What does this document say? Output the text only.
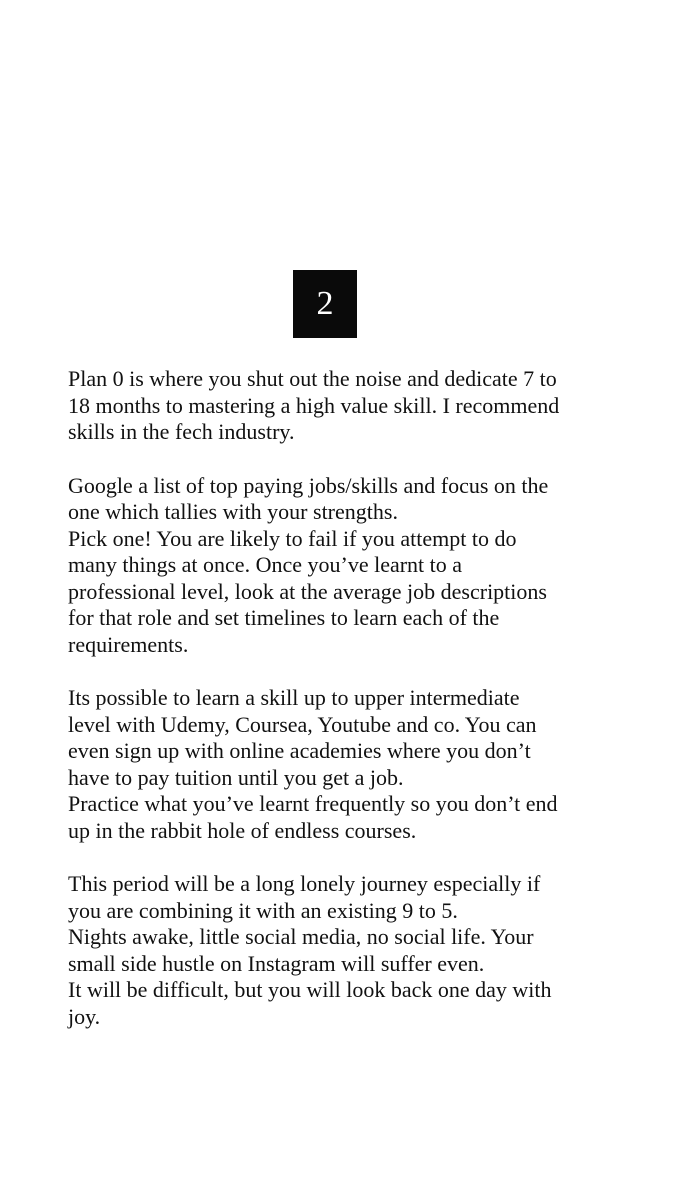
2

Plan 0 is where you shut out the noise and dedicate 7 to
18 months to mastering a high value skill. I recommend
skills in the fech industry.

Google a list of top paying jobs/skills and focus on the
one which tallies with your strengths.
Pick one! You are likely to fail if you attempt to do
many things at once. Once you’ve learnt to a
professional level, look at the average job descriptions
for that role and set timelines to learn each of the
requirements.

Its possible to learn a skill up to upper intermediate
level with Udemy, Coursea, Youtube and co. You can
even sign up with online academies where you don’t
have to pay tuition until you get a job.
Practice what you’ve learnt frequently so you don’t end
up in the rabbit hole of endless courses.

This period will be a long lonely journey especially if
you are combining it with an existing 9 to 5.
Nights awake, little social media, no social life. Your
small side hustle on Instagram will suffer even.
It will be difficult, but you will look back one day with
joy.
